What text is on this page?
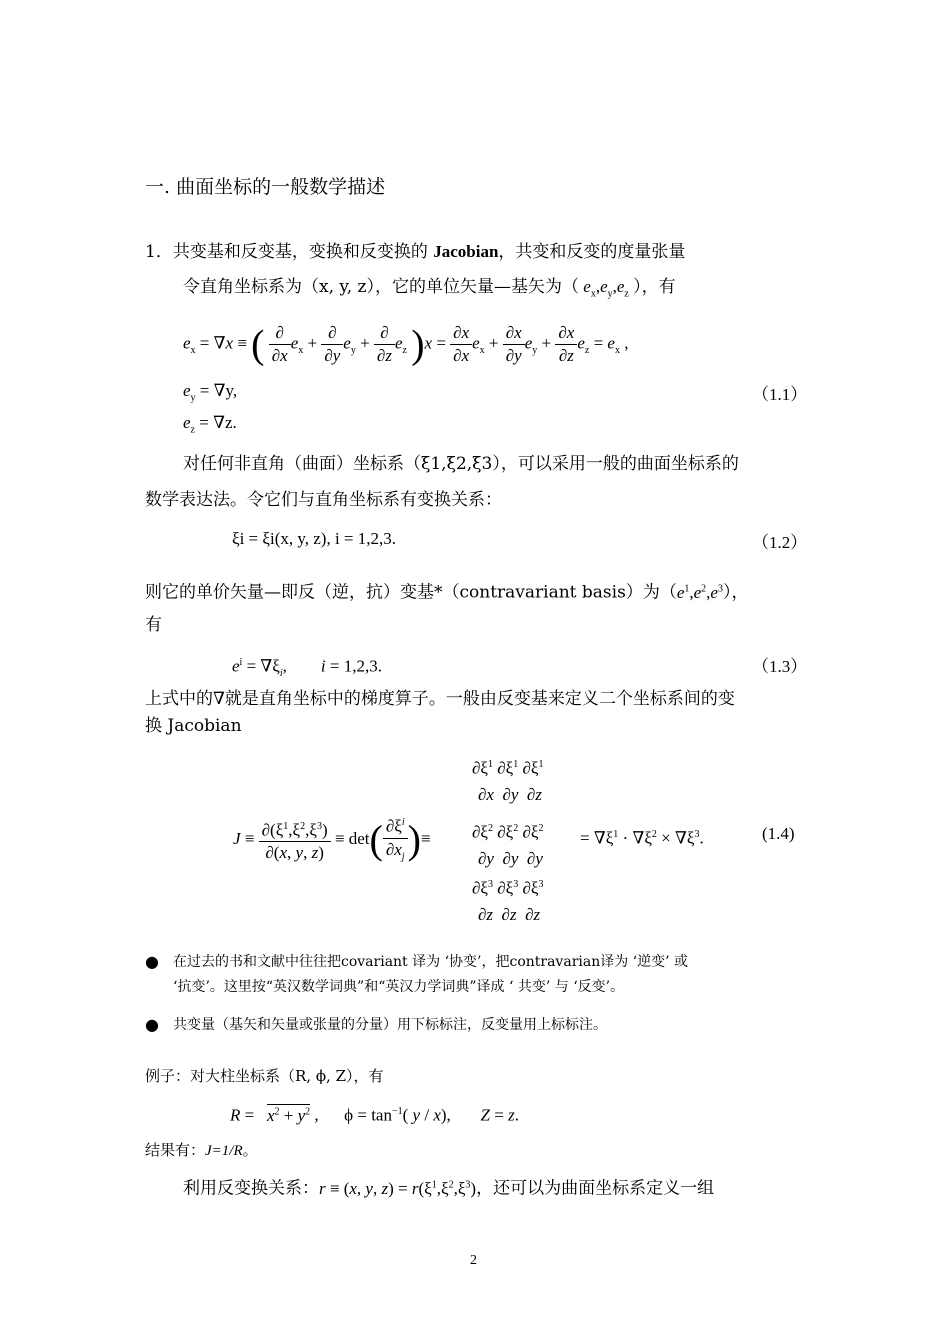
一. 曲面坐标的一般数学描述
1．共变基和反变基，变换和反变换的 Jacobian，共变和反变的度量张量
令直角坐标系为（x, y, z），它的单位矢量—基矢为（ $e_x,e_y,e_z$ ），有
$e_x = \nabla x$ ≡ ( $\frac{\partial}{\partial x} e_x + \frac{\partial}{\partial y} e_y + \frac{\partial}{\partial z} e_z$ )$x = \frac{\partial x}{\partial x} e_x + \frac{\partial x}{\partial y} e_y + \frac{\partial x}{\partial z} e_z = e_x$ ,
$e_y = \nabla y$,	（1.1）
$e_z = \nabla z$.
对任何非直角（曲面）坐标系（ξ1,ξ2,ξ3），可以采用一般的曲面坐标系的
数学表达法。令它们与直角坐标系有变换关系：
ξi = ξi(x, y, z), i = 1,2,3.	（1.2）
则它的单价矢量—即反（逆，抗）变基*（contravariant basis）为$(e^1,e^2,e^3)$，
有
$e^i = \nabla\xi_i$,        i = 1,2,3.	（1.3）
上式中的∇就是直角坐标中的梯度算子。一般由反变基来定义二个坐标系间的变
换 Jacobian
$J \equiv \frac{\partial(\xi^1,\xi^2,\xi^3)}{\partial(x, y, z)} \equiv \det( \frac{\partial\xi^i}{\partial x_j}$ )≡
$\partial\xi^1$ $\partial\xi^1$ $\partial\xi^1$
∂x  ∂y  ∂z
$\partial\xi^2$ $\partial\xi^2$ $\partial\xi^2$
∂y  ∂y  ∂y
$\partial\xi^3$ $\partial\xi^3$ $\partial\xi^3$
∂z  ∂z  ∂z
= $\nabla\xi^1 \cdot \nabla\xi^2 \times \nabla\xi^3$.	(1.4)
● 在过去的书和文献中往往把covariant 译为 ‘协变’，把contravarian译为 ‘逆变’ 或
‘抗变’。这里按“英汉数学词典”和“英汉力学词典”译成 ‘ 共变’ 与 ‘反变’。
● 共变量（基矢和矢量或张量的分量）用下标标注，反变量用上标标注。
例子：对大柱坐标系（R, ϕ, Z），有
$R = x^2 + y^2$ ,      $\phi = \tan^{-1}$( y / x),       Z = z.
结果有：J=1/R。
利用反变换关系：r ≡ (x, y, $z) = r(\xi^1,\xi^2,\xi^3)$，还可以为曲面坐标系定义一组
2
